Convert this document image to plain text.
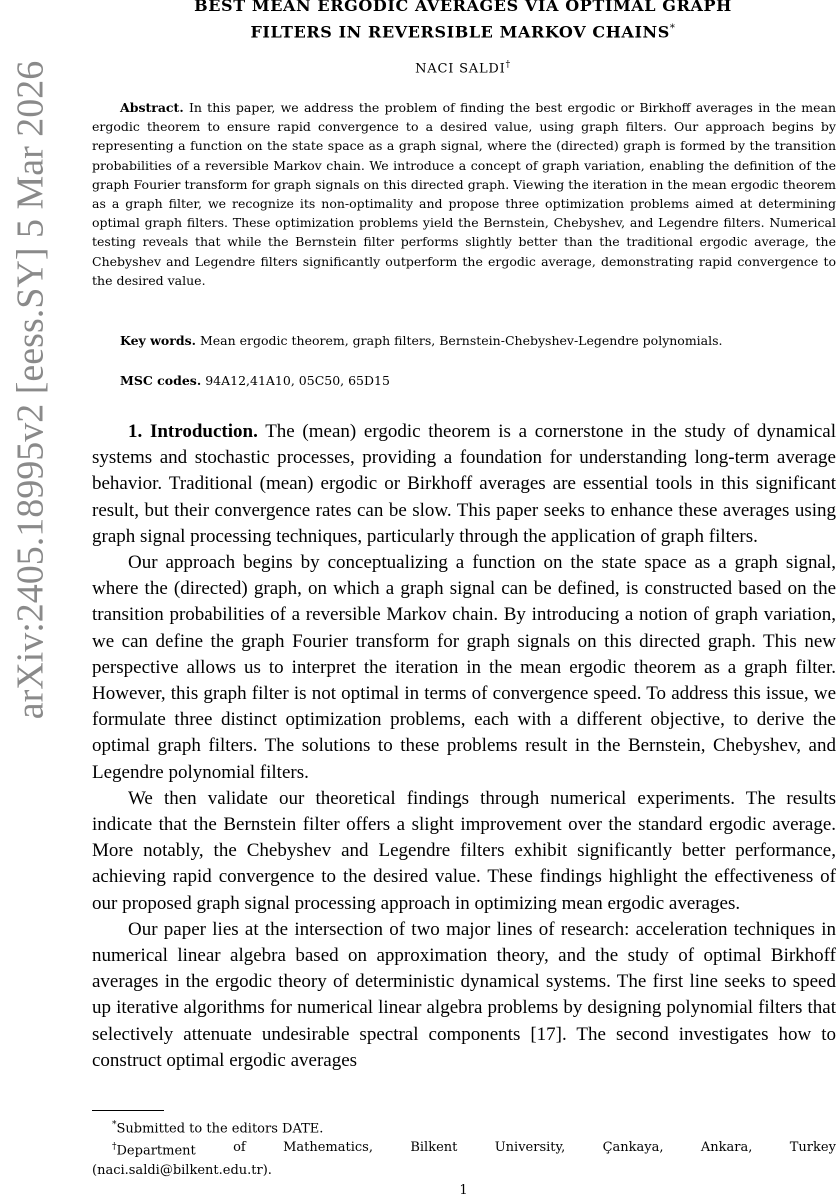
arXiv:2405.18995v2 [eess.SY] 5 Mar 2026
BEST MEAN ERGODIC AVERAGES VIA OPTIMAL GRAPH
FILTERS IN REVERSIBLE MARKOV CHAINS*
NACI SALDI†
Abstract. In this paper, we address the problem of finding the best ergodic or Birkhoff averages in the mean ergodic theorem to ensure rapid convergence to a desired value, using graph filters. Our approach begins by representing a function on the state space as a graph signal, where the (directed) graph is formed by the transition probabilities of a reversible Markov chain. We introduce a concept of graph variation, enabling the definition of the graph Fourier transform for graph signals on this directed graph. Viewing the iteration in the mean ergodic theorem as a graph filter, we recognize its non-optimality and propose three optimization problems aimed at determining optimal graph filters. These optimization problems yield the Bernstein, Chebyshev, and Legendre filters. Numerical testing reveals that while the Bernstein filter performs slightly better than the traditional ergodic average, the Chebyshev and Legendre filters significantly outperform the ergodic average, demonstrating rapid convergence to the desired value.
Key words. Mean ergodic theorem, graph filters, Bernstein-Chebyshev-Legendre polynomials.
MSC codes. 94A12,41A10, 05C50, 65D15

1. Introduction. The (mean) ergodic theorem is a cornerstone in the study of dynamical systems and stochastic processes, providing a foundation for understanding long-term average behavior. Traditional (mean) ergodic or Birkhoff averages are essential tools in this significant result, but their convergence rates can be slow. This paper seeks to enhance these averages using graph signal processing techniques, particularly through the application of graph filters.

Our approach begins by conceptualizing a function on the state space as a graph signal, where the (directed) graph, on which a graph signal can be defined, is constructed based on the transition probabilities of a reversible Markov chain. By introducing a notion of graph variation, we can define the graph Fourier transform for graph signals on this directed graph. This new perspective allows us to interpret the iteration in the mean ergodic theorem as a graph filter. However, this graph filter is not optimal in terms of convergence speed. To address this issue, we formulate three distinct optimization problems, each with a different objective, to derive the optimal graph filters. The solutions to these problems result in the Bernstein, Chebyshev, and Legendre polynomial filters.

We then validate our theoretical findings through numerical experiments. The results indicate that the Bernstein filter offers a slight improvement over the standard ergodic average. More notably, the Chebyshev and Legendre filters exhibit significantly better performance, achieving rapid convergence to the desired value. These findings highlight the effectiveness of our proposed graph signal processing approach in optimizing mean ergodic averages.

Our paper lies at the intersection of two major lines of research: acceleration techniques in numerical linear algebra based on approximation theory, and the study of optimal Birkhoff averages in the ergodic theory of deterministic dynamical systems. The first line seeks to speed up iterative algorithms for numerical linear algebra problems by designing polynomial filters that selectively attenuate undesirable spectral components [17]. The second investigates how to construct optimal ergodic averages

*Submitted to the editors DATE.

†Department	of	Mathematics,	Bilkent	University,	Çankaya,	Ankara,	Turkey

(naci.saldi@bilkent.edu.tr).

1
